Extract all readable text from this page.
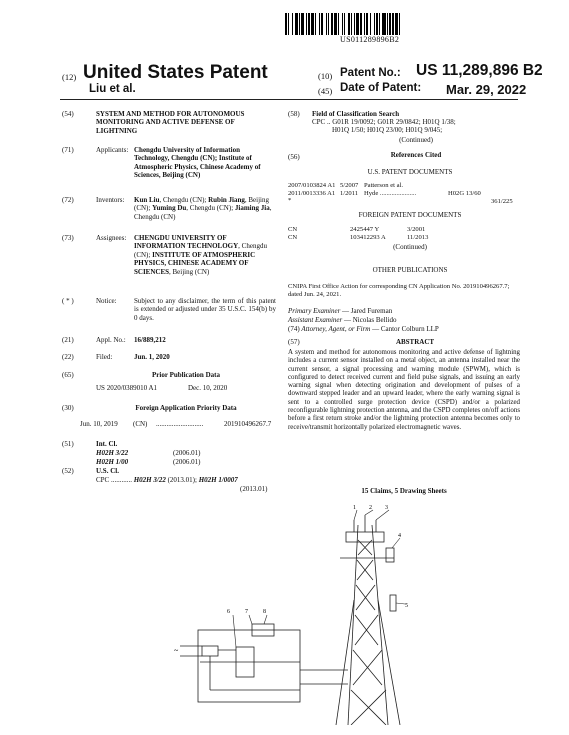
US011289896B2
(12) United States Patent	(10) Patent No.: US 11,289,896 B2
Liu et al.	(45) Date of Patent: Mar. 29, 2022
(54)	SYSTEM AND METHOD FOR AUTONOMOUS MONITORING AND ACTIVE DEFENSE OF LIGHTNING
(71)	Applicants: Chengdu University of Information Technology, Chengdu (CN); Institute of Atmospheric Physics, Chinese Academy of Sciences, Beijing (CN)
(72)	Inventors: Kun Liu, Chengdu (CN); Rubin Jiang, Beijing (CN); Yuming Du, Chengdu (CN); Jiaming Jia, Chengdu (CN)
(73)	Assignees: CHENGDU UNIVERSITY OF INFORMATION TECHNOLOGY, Chengdu (CN); INSTITUTE OF ATMOSPHERIC PHYSICS, CHINESE ACADEMY OF SCIENCES, Beijing (CN)
( * )	Notice: Subject to any disclaimer, the term of this patent is extended or adjusted under 35 U.S.C. 154(b) by 0 days.
(21)	Appl. No.: 16/889,212
(22)	Filed:	Jun. 1, 2020
(65)	Prior Publication Data
US 2020/0389010 A1	Dec. 10, 2020
(30)	Foreign Application Priority Data
Jun. 10, 2019 (CN) ...........................	201910496267.7
(51)	Int. Cl.
H02H 3/22	(2006.01)
H02H 1/00	(2006.01)
(52)	U.S. Cl.
CPC ............ H02H 3/22 (2013.01); H02H 1/0007
(2013.01)
(58) Field of Classification Search
CPC .. G01R 19/0092; G01R 29/0842; H01Q 1/38;
H01Q 1/50; H01Q 23/00; H01Q 9/045;
(Continued)
(56)	References Cited
U.S. PATENT DOCUMENTS
2007/0103824 A1	5/2007	Patterson et al.	
2011/0013336 A1 *	1/2011	Hyde ......................	H02G 13/60
361/225
FOREIGN PATENT DOCUMENTS
CN	2425447 Y	3/2001
CN	103412293 A	11/2013
(Continued)
OTHER PUBLICATIONS
CNIPA First Office Action for corresponding CN Application No. 201910496267.7; dated Jun. 24, 2021.
Primary Examiner — Jared Fureman
Assistant Examiner — Nicolas Bellido
(74) Attorney, Agent, or Firm — Cantor Colburn LLP
(57)	ABSTRACT
A system and method for autonomous monitoring and active defense of lightning includes a current sensor installed on a metal object, an antenna installed near the current sensor, a signal processing and warning module (SPWM), which is configured to detect received current and field pulse signals, and issuing an early warning signal when detecting origination and development of pulses of a downward stepped leader and an upward leader, where the early warning signal is sent to a controlled surge protection device (CSPD) and/or a polarized reconfigurable lightning protection antenna, and the CSPD completes on/off actions before a first return stroke and/or the lightning protection antenna becomes only to receive/transmit horizontally polarized electromagnetic waves.
15 Claims, 5 Drawing Sheets
1 2 3
4
5
6	7	8
~
